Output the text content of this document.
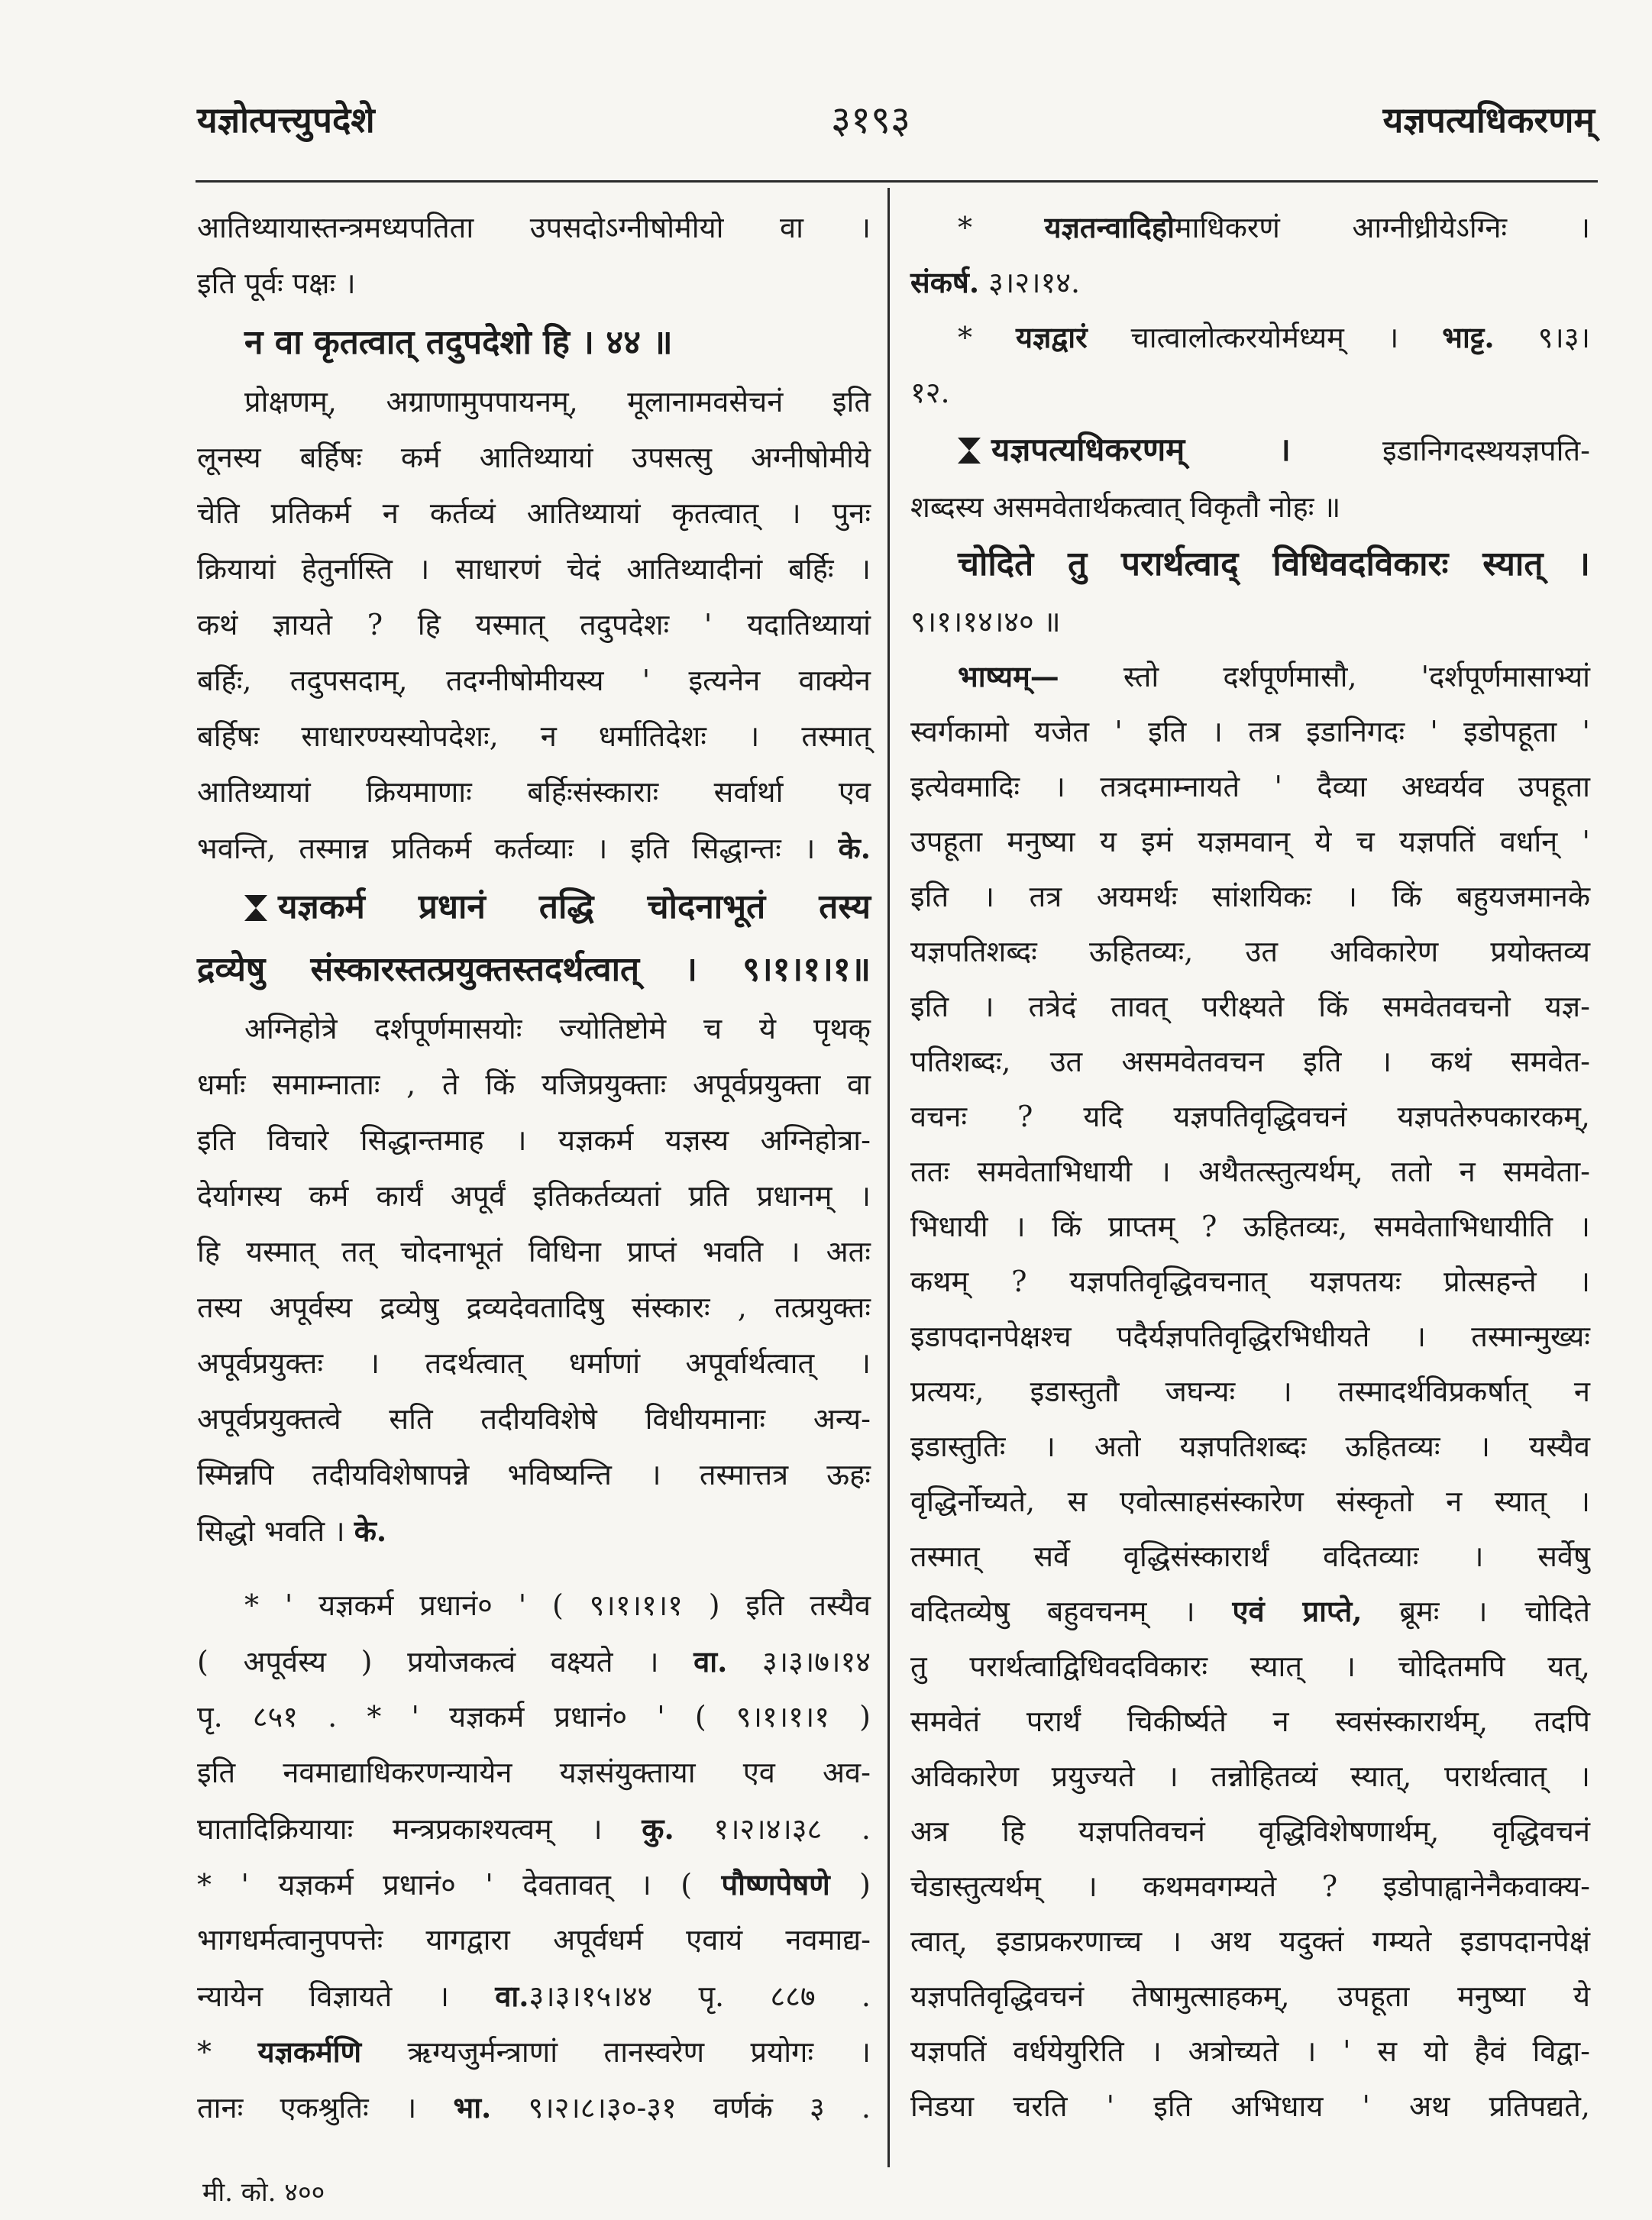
यज्ञोत्पत्त्युपदेशे	३१९३	यज्ञपत्यधिकरणम्
आतिथ्यायास्तन्त्रमध्यपतिता उपसदोऽग्नीषोमीयो वा ।
इति पूर्वः पक्षः ।
न वा कृतत्वात् तदुपदेशो हि । ४४ ॥
प्रोक्षणम्, अग्राणामुपपायनम्, मूलानामवसेचनं इति
लूनस्य बर्हिषः कर्म आतिथ्यायां उपसत्सु अग्नीषोमीये
चेति प्रतिकर्म न कर्तव्यं आतिथ्यायां कृतत्वात् । पुनः
क्रियायां हेतुर्नास्ति । साधारणं चेदं आतिथ्यादीनां बर्हिः ।
कथं ज्ञायते ? हि यस्मात् तदुपदेशः ' यदातिथ्यायां
बर्हिः, तदुपसदाम्, तदग्नीषोमीयस्य ' इत्यनेन वाक्येन
बर्हिषः साधारण्यस्योपदेशः, न धर्मातिदेशः । तस्मात्
आतिथ्यायां क्रियमाणाः बर्हिःसंस्काराः सर्वार्था एव
भवन्ति, तस्मान्न प्रतिकर्म कर्तव्याः । इति सिद्धान्तः । के.
यज्ञकर्म प्रधानं तद्धि चोदनाभूतं तस्य
द्रव्येषु संस्कारस्तत्प्रयुक्तस्तदर्थत्वात् । ९।१।१।१॥
अग्निहोत्रे दर्शपूर्णमासयोः ज्योतिष्टोमे च ये पृथक्
धर्माः समाम्नाताः , ते किं यजिप्रयुक्ताः अपूर्वप्रयुक्ता वा
इति विचारे सिद्धान्तमाह । यज्ञकर्म यज्ञस्य अग्निहोत्रा-
देर्यागस्य कर्म कार्यं अपूर्वं इतिकर्तव्यतां प्रति प्रधानम् ।
हि यस्मात् तत् चोदनाभूतं विधिना प्राप्तं भवति । अतः
तस्य अपूर्वस्य द्रव्येषु द्रव्यदेवतादिषु संस्कारः , तत्प्रयुक्तः
अपूर्वप्रयुक्तः । तदर्थत्वात् धर्माणां अपूर्वार्थत्वात् ।
अपूर्वप्रयुक्तत्वे सति तदीयविशेषे विधीयमानाः अन्य-
स्मिन्नपि तदीयविशेषापन्ने भविष्यन्ति । तस्मात्तत्र ऊहः
सिद्धो भवति । के.
* ' यज्ञकर्म प्रधानं० ' ( ९।१।१।१ ) इति तस्यैव
( अपूर्वस्य ) प्रयोजकत्वं वक्ष्यते । वा. ३।३।७।१४
पृ. ८५१ . * ' यज्ञकर्म प्रधानं० ' ( ९।१।१।१ )
इति नवमाद्याधिकरणन्यायेन यज्ञसंयुक्ताया एव अव-
घातादिक्रियायाः मन्त्रप्रकाश्यत्वम् । कु. १।२।४।३८ .
* ' यज्ञकर्म प्रधानं० ' देवतावत् । ( पौष्णपेषणे )
भागधर्मत्वानुपपत्तेः यागद्वारा अपूर्वधर्म एवायं नवमाद्य-
न्यायेन विज्ञायते । वा.३।३।१५।४४ पृ. ८८७ .
* यज्ञकर्मणि ऋग्यजुर्मन्त्राणां तानस्वरेण प्रयोगः ।
तानः एकश्रुतिः । भा. ९।२।८।३०-३१ वर्णकं ३ .
* यज्ञतन्वादिहोमाधिकरणं आग्नीध्रीयेऽग्निः ।
संकर्ष. ३।२।१४.
* यज्ञद्वारं चात्वालोत्करयोर्मध्यम् । भाट्ट. ९।३।
१२.
यज्ञपत्यधिकरणम् । इडानिगदस्थयज्ञपति-
शब्दस्य असमवेतार्थकत्वात् विकृतौ नोहः ॥
चोदिते तु परार्थत्वाद् विधिवदविकारः स्यात् ।
९।१।१४।४० ॥
भाष्यम्— स्तो दर्शपूर्णमासौ, 'दर्शपूर्णमासाभ्यां
स्वर्गकामो यजेत ' इति । तत्र इडानिगदः ' इडोपहूता '
इत्येवमादिः । तत्रदमाम्नायते ' दैव्या अध्वर्यव उपहूता
उपहूता मनुष्या य इमं यज्ञमवान् ये च यज्ञपतिं वर्धान् '
इति । तत्र अयमर्थः सांशयिकः । किं बहुयजमानके
यज्ञपतिशब्दः ऊहितव्यः, उत अविकारेण प्रयोक्तव्य
इति । तत्रेदं तावत् परीक्ष्यते किं समवेतवचनो यज्ञ-
पतिशब्दः, उत असमवेतवचन इति । कथं समवेत-
वचनः ? यदि यज्ञपतिवृद्धिवचनं यज्ञपतेरुपकारकम्,
ततः समवेताभिधायी । अथैतत्स्तुत्यर्थम्, ततो न समवेता-
भिधायी । किं प्राप्तम् ? ऊहितव्यः, समवेताभिधायीति ।
कथम् ? यज्ञपतिवृद्धिवचनात् यज्ञपतयः प्रोत्सहन्ते ।
इडापदानपेक्षश्च पदैर्यज्ञपतिवृद्धिरभिधीयते । तस्मान्मुख्यः
प्रत्ययः, इडास्तुतौ जघन्यः । तस्मादर्थविप्रकर्षात् न
इडास्तुतिः । अतो यज्ञपतिशब्दः ऊहितव्यः । यस्यैव
वृद्धिर्नोच्यते, स एवोत्साहसंस्कारेण संस्कृतो न स्यात् ।
तस्मात् सर्वे वृद्धिसंस्कारार्थं वदितव्याः । सर्वेषु
वदितव्येषु बहुवचनम् । एवं प्राप्ते, ब्रूमः । चोदिते
तु परार्थत्वाद्विधिवदविकारः स्यात् । चोदितमपि यत्,
समवेतं परार्थं चिकीर्ष्यते न स्वसंस्कारार्थम्, तदपि
अविकारेण प्रयुज्यते । तन्नोहितव्यं स्यात्, परार्थत्वात् ।
अत्र हि यज्ञपतिवचनं वृद्धिविशेषणार्थम्, वृद्धिवचनं
चेडास्तुत्यर्थम् । कथमवगम्यते ? इडोपाह्वानेनैकवाक्य-
त्वात्, इडाप्रकरणाच्च । अथ यदुक्तं गम्यते इडापदानपेक्षं
यज्ञपतिवृद्धिवचनं तेषामुत्साहकम्, उपहूता मनुष्या ये
यज्ञपतिं वर्धयेयुरिति । अत्रोच्यते । ' स यो हैवं विद्वा-
निडया चरति ' इति अभिधाय ' अथ प्रतिपद्यते,
मी. को. ४००
